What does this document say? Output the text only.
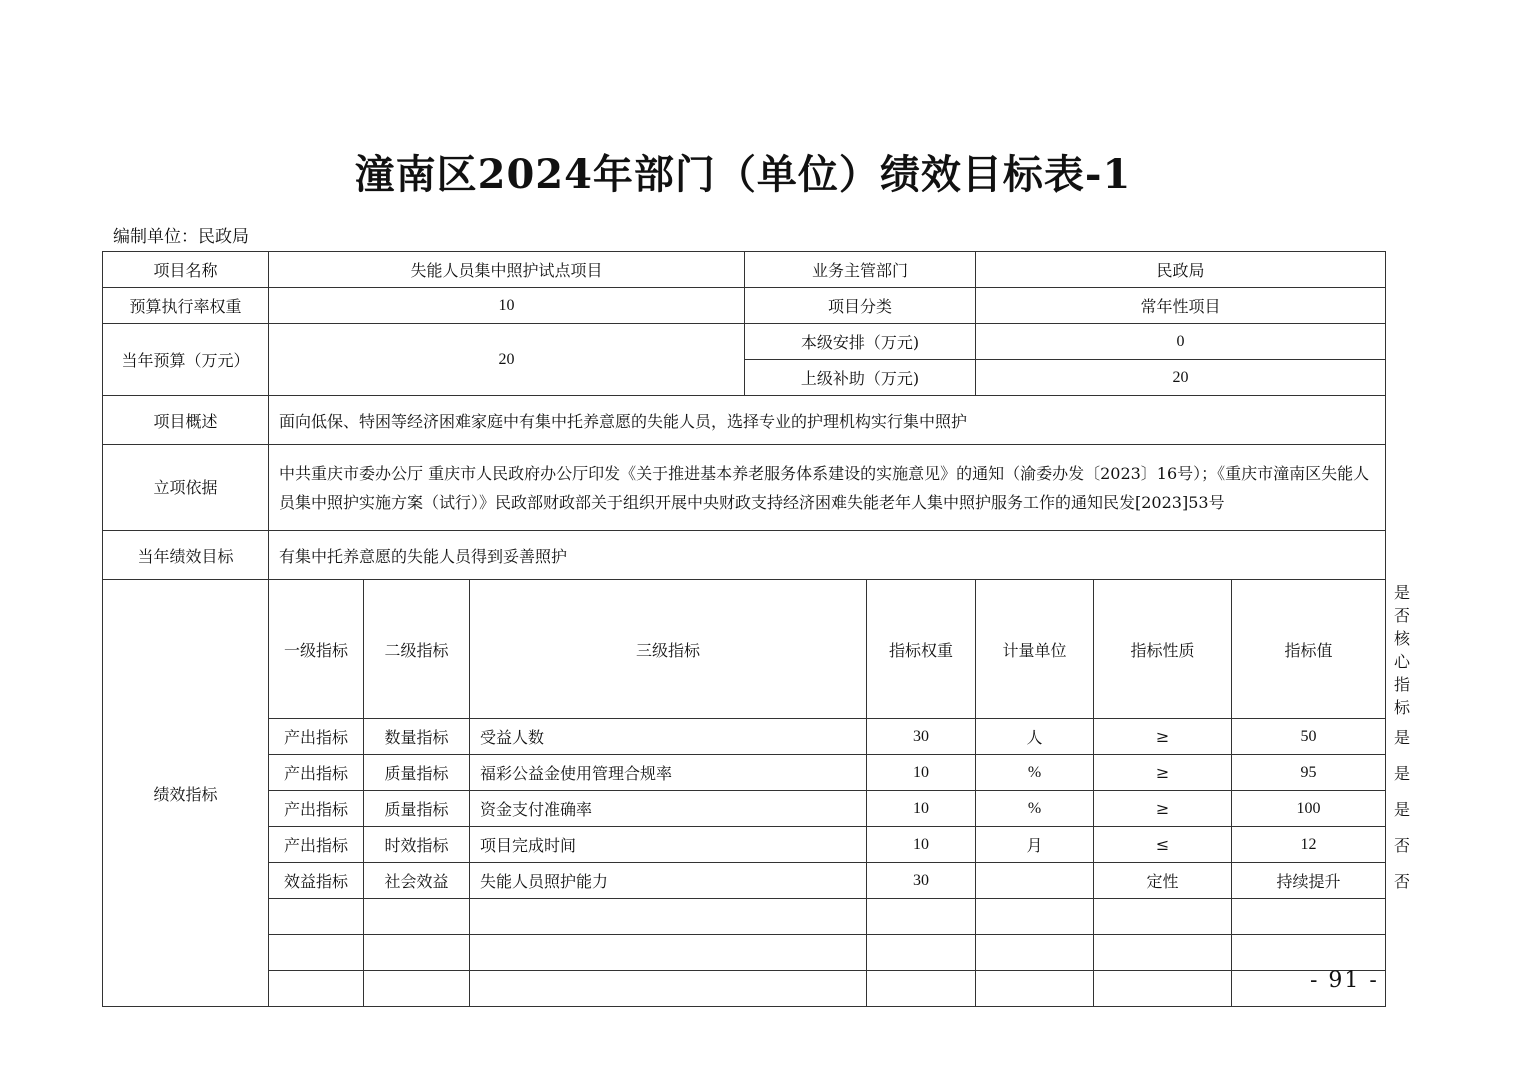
潼南区2024年部门（单位）绩效目标表-1
编制单位：民政局
项目名称	失能人员集中照护试点项目			业务主管部门		民政局			
预算执行率权重	10			项目分类		常年性项目			
当年预算（万元）	20			本级安排（万元)		0			
				上级补助（万元)		20			
项目概述	面向低保、特困等经济困难家庭中有集中托养意愿的失能人员，选择专业的护理机构实行集中照护								
立项依据	中共重庆市委办公厅 重庆市人民政府办公厅印发《关于推进基本养老服务体系建设的实施意见》的通知（渝委办发〔2023〕16号）；《重庆市潼南区失能人员集中照护实施方案（试行）》民政部财政部关于组织开展中央财政支持经济困难失能老年人集中照护服务工作的通知民发[2023]53号								
当年绩效目标	有集中托养意愿的失能人员得到妥善照护								
绩效指标	一级指标	二级指标	三级指标		指标权重	计量单位	指标性质	指标值	是否核心指标
	产出指标	数量指标	受益人数		30	人	≥	50	是
	产出指标	质量指标	福彩公益金使用管理合规率		10	%	≥	95	是
	产出指标	质量指标	资金支付准确率		10	%	≥	100	是
	产出指标	时效指标	项目完成时间		10	月	≤	12	否
	效益指标	社会效益	失能人员照护能力		30		定性	持续提升	否

- 91 -
